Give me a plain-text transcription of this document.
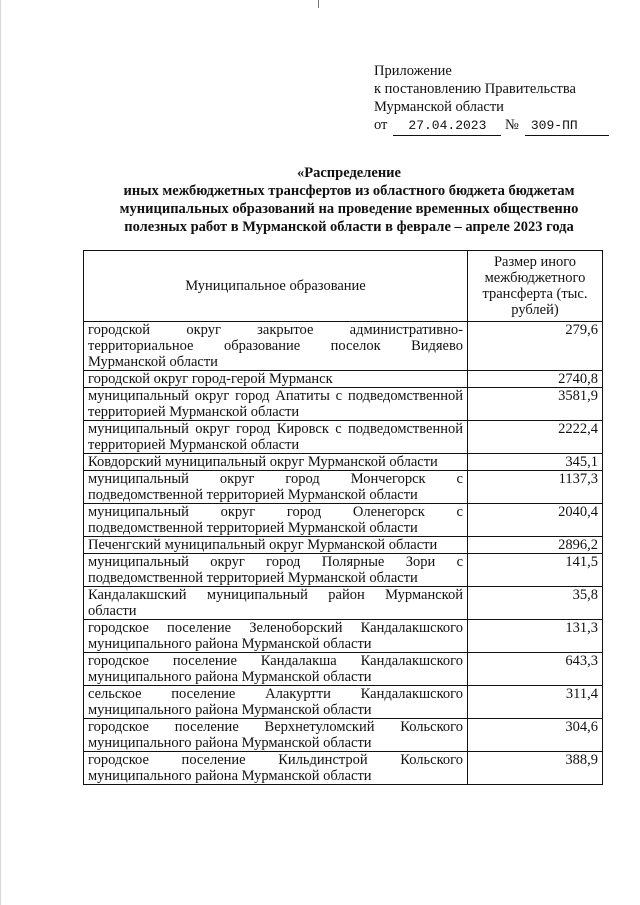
Приложение
к постановлению Правительства
Мурманской области
от 27.04.2023 № 309-ПП
«Распределение
иных межбюджетных трансфертов из областного бюджета бюджетам
муниципальных образований на проведение временных общественно
полезных работ в Мурманской области в феврале – апреле 2023 года
Муниципальное образование	Размер иного межбюджетного трансферта (тыс. рублей)
городской округ закрытое административно-территориальное образование поселок Видяево Мурманской области	279,6
городской округ город-герой Мурманск	2740,8
муниципальный округ город Апатиты с подведомственной территорией Мурманской области	3581,9
муниципальный округ город Кировск с подведомственной территорией Мурманской области	2222,4
Ковдорский муниципальный округ Мурманской области	345,1
муниципальный округ город Мончегорск с подведомственной территорией Мурманской области	1137,3
муниципальный округ город Оленегорск с подведомственной территорией Мурманской области	2040,4
Печенгский муниципальный округ Мурманской области	2896,2
муниципальный округ город Полярные Зори с подведомственной территорией Мурманской области	141,5
Кандалакшский муниципальный район Мурманской области	35,8
городское поселение Зеленоборский Кандалакшского муниципального района Мурманской области	131,3
городское поселение Кандалакша Кандалакшского муниципального района Мурманской области	643,3
сельское поселение Алакуртти Кандалакшского муниципального района Мурманской области	311,4
городское поселение Верхнетуломский Кольского муниципального района Мурманской области	304,6
городское поселение Кильдинстрой Кольского муниципального района Мурманской области	388,9
